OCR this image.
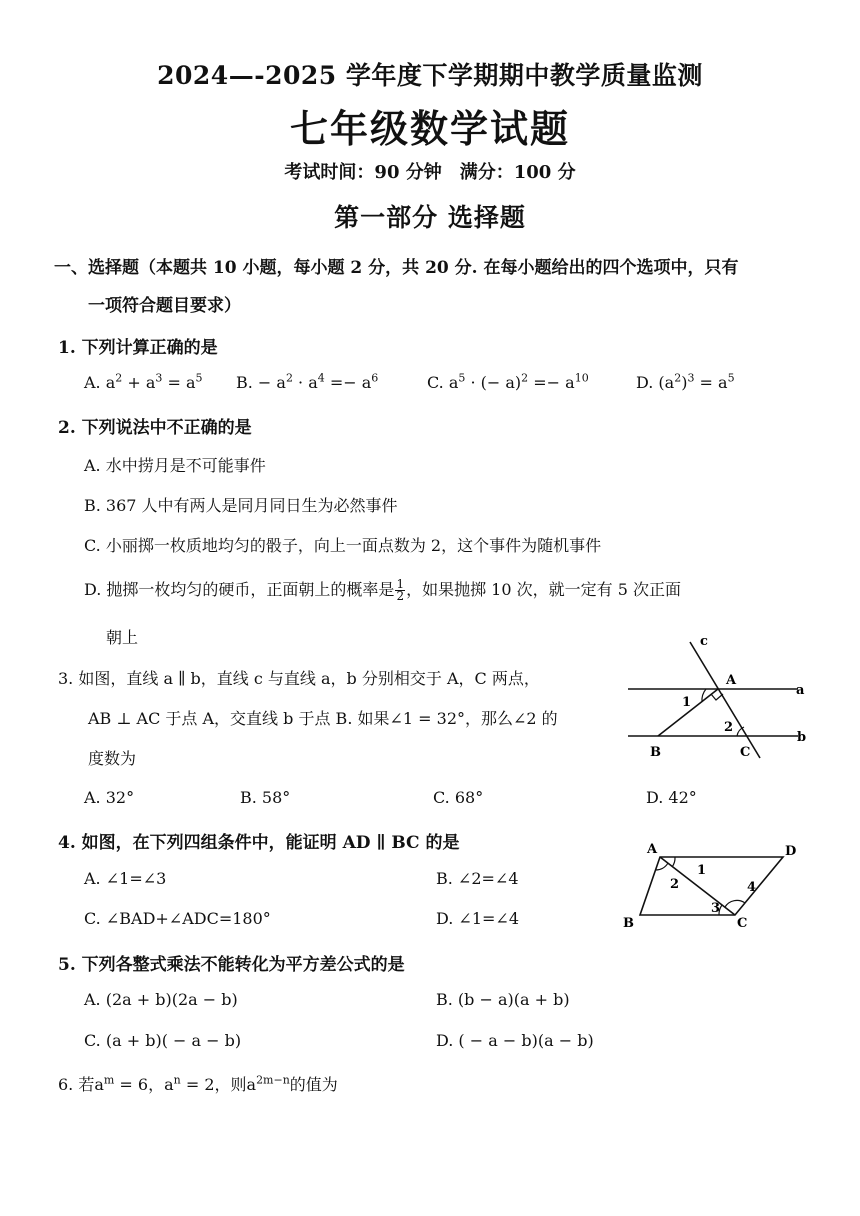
2024—-2025 学年度下学期期中教学质量监测
七年级数学试题
考试时间：90 分钟　满分：100 分
第一部分 选择题
一、选择题（本题共 10 小题，每小题 2 分，共 20 分. 在每小题给出的四个选项中，只有
一项符合题目要求）
1. 下列计算正确的是
A. $a^2 + a^3 = a^5$ B. − $a^2 \cdot a^4 =- a^6$	C. $a^5$ · (− $a)^2 =- a^{10}$	D. $(a^2)^3 = a^5$
2. 下列说法中不正确的是
A. 水中捞月是不可能事件
B. 367 人中有两人是同月同日生为必然事件
C. 小丽掷一枚质地均匀的骰子，向上一面点数为 2，这个事件为随机事件
D. 抛掷一枚均匀的硬币，正面朝上的概率是 $\frac{1}{2}$ ，如果抛掷 10 次，就一定有 5 次正面
朝上
3. 如图，直线 a ∥ b，直线 c 与直线 a，b 分别相交于 A，C 两点，
AB ⊥ AC 于点 A，交直线 b 于点 B. 如果∠1 = 32°，那么∠2 的
度数为
A. 32°	B. 58°	C. 68°	D. 42°
c
A
a
1
2
b
B	C
4. 如图，在下列四组条件中，能证明 AD ∥ BC 的是
A. ∠1=∠3	B. ∠2=∠4
C. ∠BAD+∠ADC=180°	D. ∠1=∠4
A	D
B	C
1
2
3
4
5. 下列各整式乘法不能转化为平方差公式的是
A. (2a + b)(2a − b)	B. (b − a)(a + b)
C. (a + b)( − a − b)	D. ( − a − b)(a − b)
6. 若$a^m = 6$，$a^n = 2$，则$a^{2m-n}$的值为
